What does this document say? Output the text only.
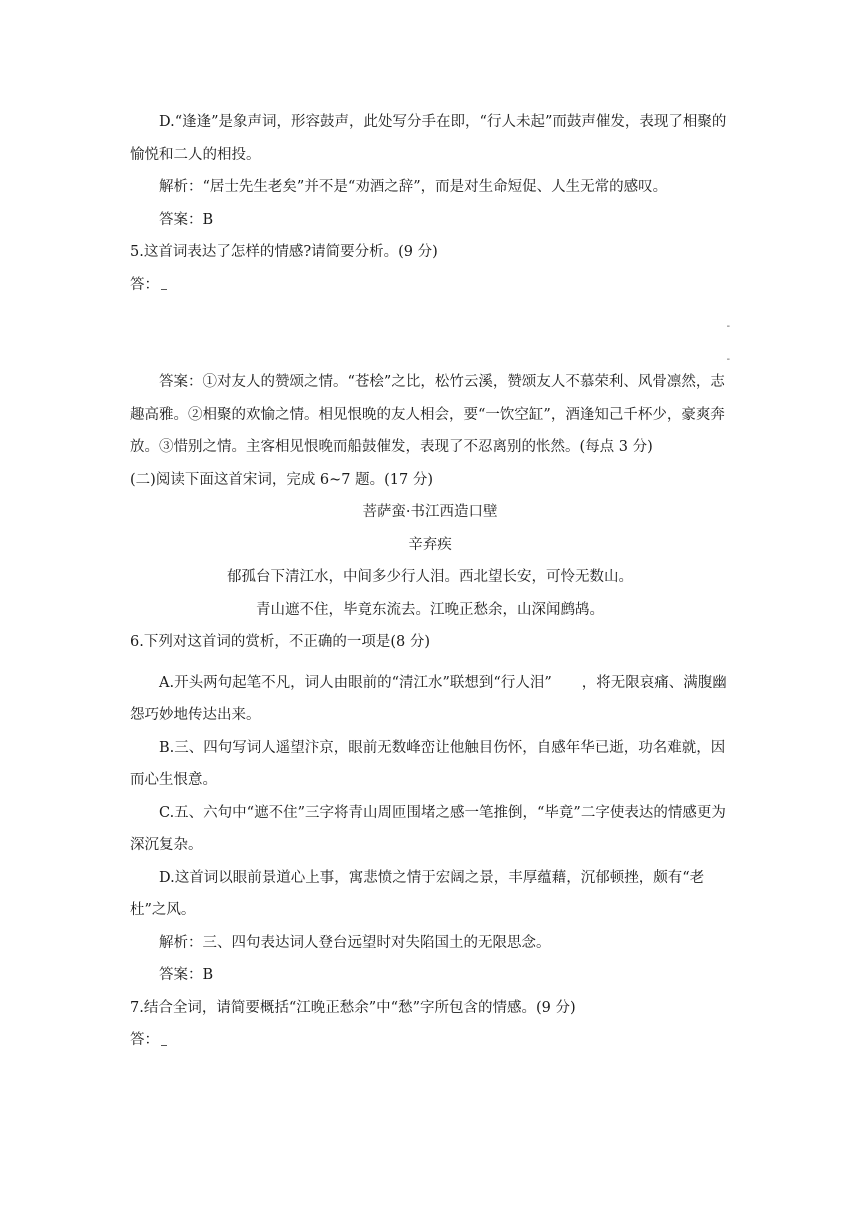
D.“逢逢”是象声词，形容鼓声，此处写分手在即，“行人未起”而鼓声催发，表现了相聚的愉悦和二人的相投。

解析：“居士先生老矣”并不是“劝酒之辞”，而是对生命短促、人生无常的感叹。

答案：B

5.这首词表达了怎样的情感?请简要分析。(9 分)

答：

-
-

答案：①对友人的赞颂之情。“苍桧”之比，松竹云溪，赞颂友人不慕荣利、风骨凛然，志趣高雅。②相聚的欢愉之情。相见恨晚的友人相会，要“一饮空缸”，酒逢知己千杯少，豪爽奔放。③惜别之情。主客相见恨晚而船鼓催发，表现了不忍离别的怅然。(每点 3 分)

(二)阅读下面这首宋词，完成 6~7 题。(17 分)

菩萨蛮·书江西造口壁

辛弃疾

郁孤台下清江水，中间多少行人泪。西北望长安，可怜无数山。

青山遮不住，毕竟东流去。江晚正愁余，山深闻鹧鸪。

6.下列对这首词的赏析，不正确的一项是(8 分)

A.开头两句起笔不凡，词人由眼前的“清江水”联想到“行人泪” ，将无限哀痛、满腹幽怨巧妙地传达出来。

B.三、四句写词人遥望汴京，眼前无数峰峦让他触目伤怀，自感年华已逝，功名难就，因而心生恨意。

C.五、六句中“遮不住”三字将青山周匝围堵之感一笔推倒，“毕竟”二字使表达的情感更为深沉复杂。

D.这首词以眼前景道心上事，寓悲愤之情于宏阔之景，丰厚蕴藉，沉郁顿挫，颇有“老杜”之风。

解析：三、四句表达词人登台远望时对失陷国土的无限思念。

答案：B

7.结合全词，请简要概括“江晚正愁余”中“愁”字所包含的情感。(9 分)

答：
